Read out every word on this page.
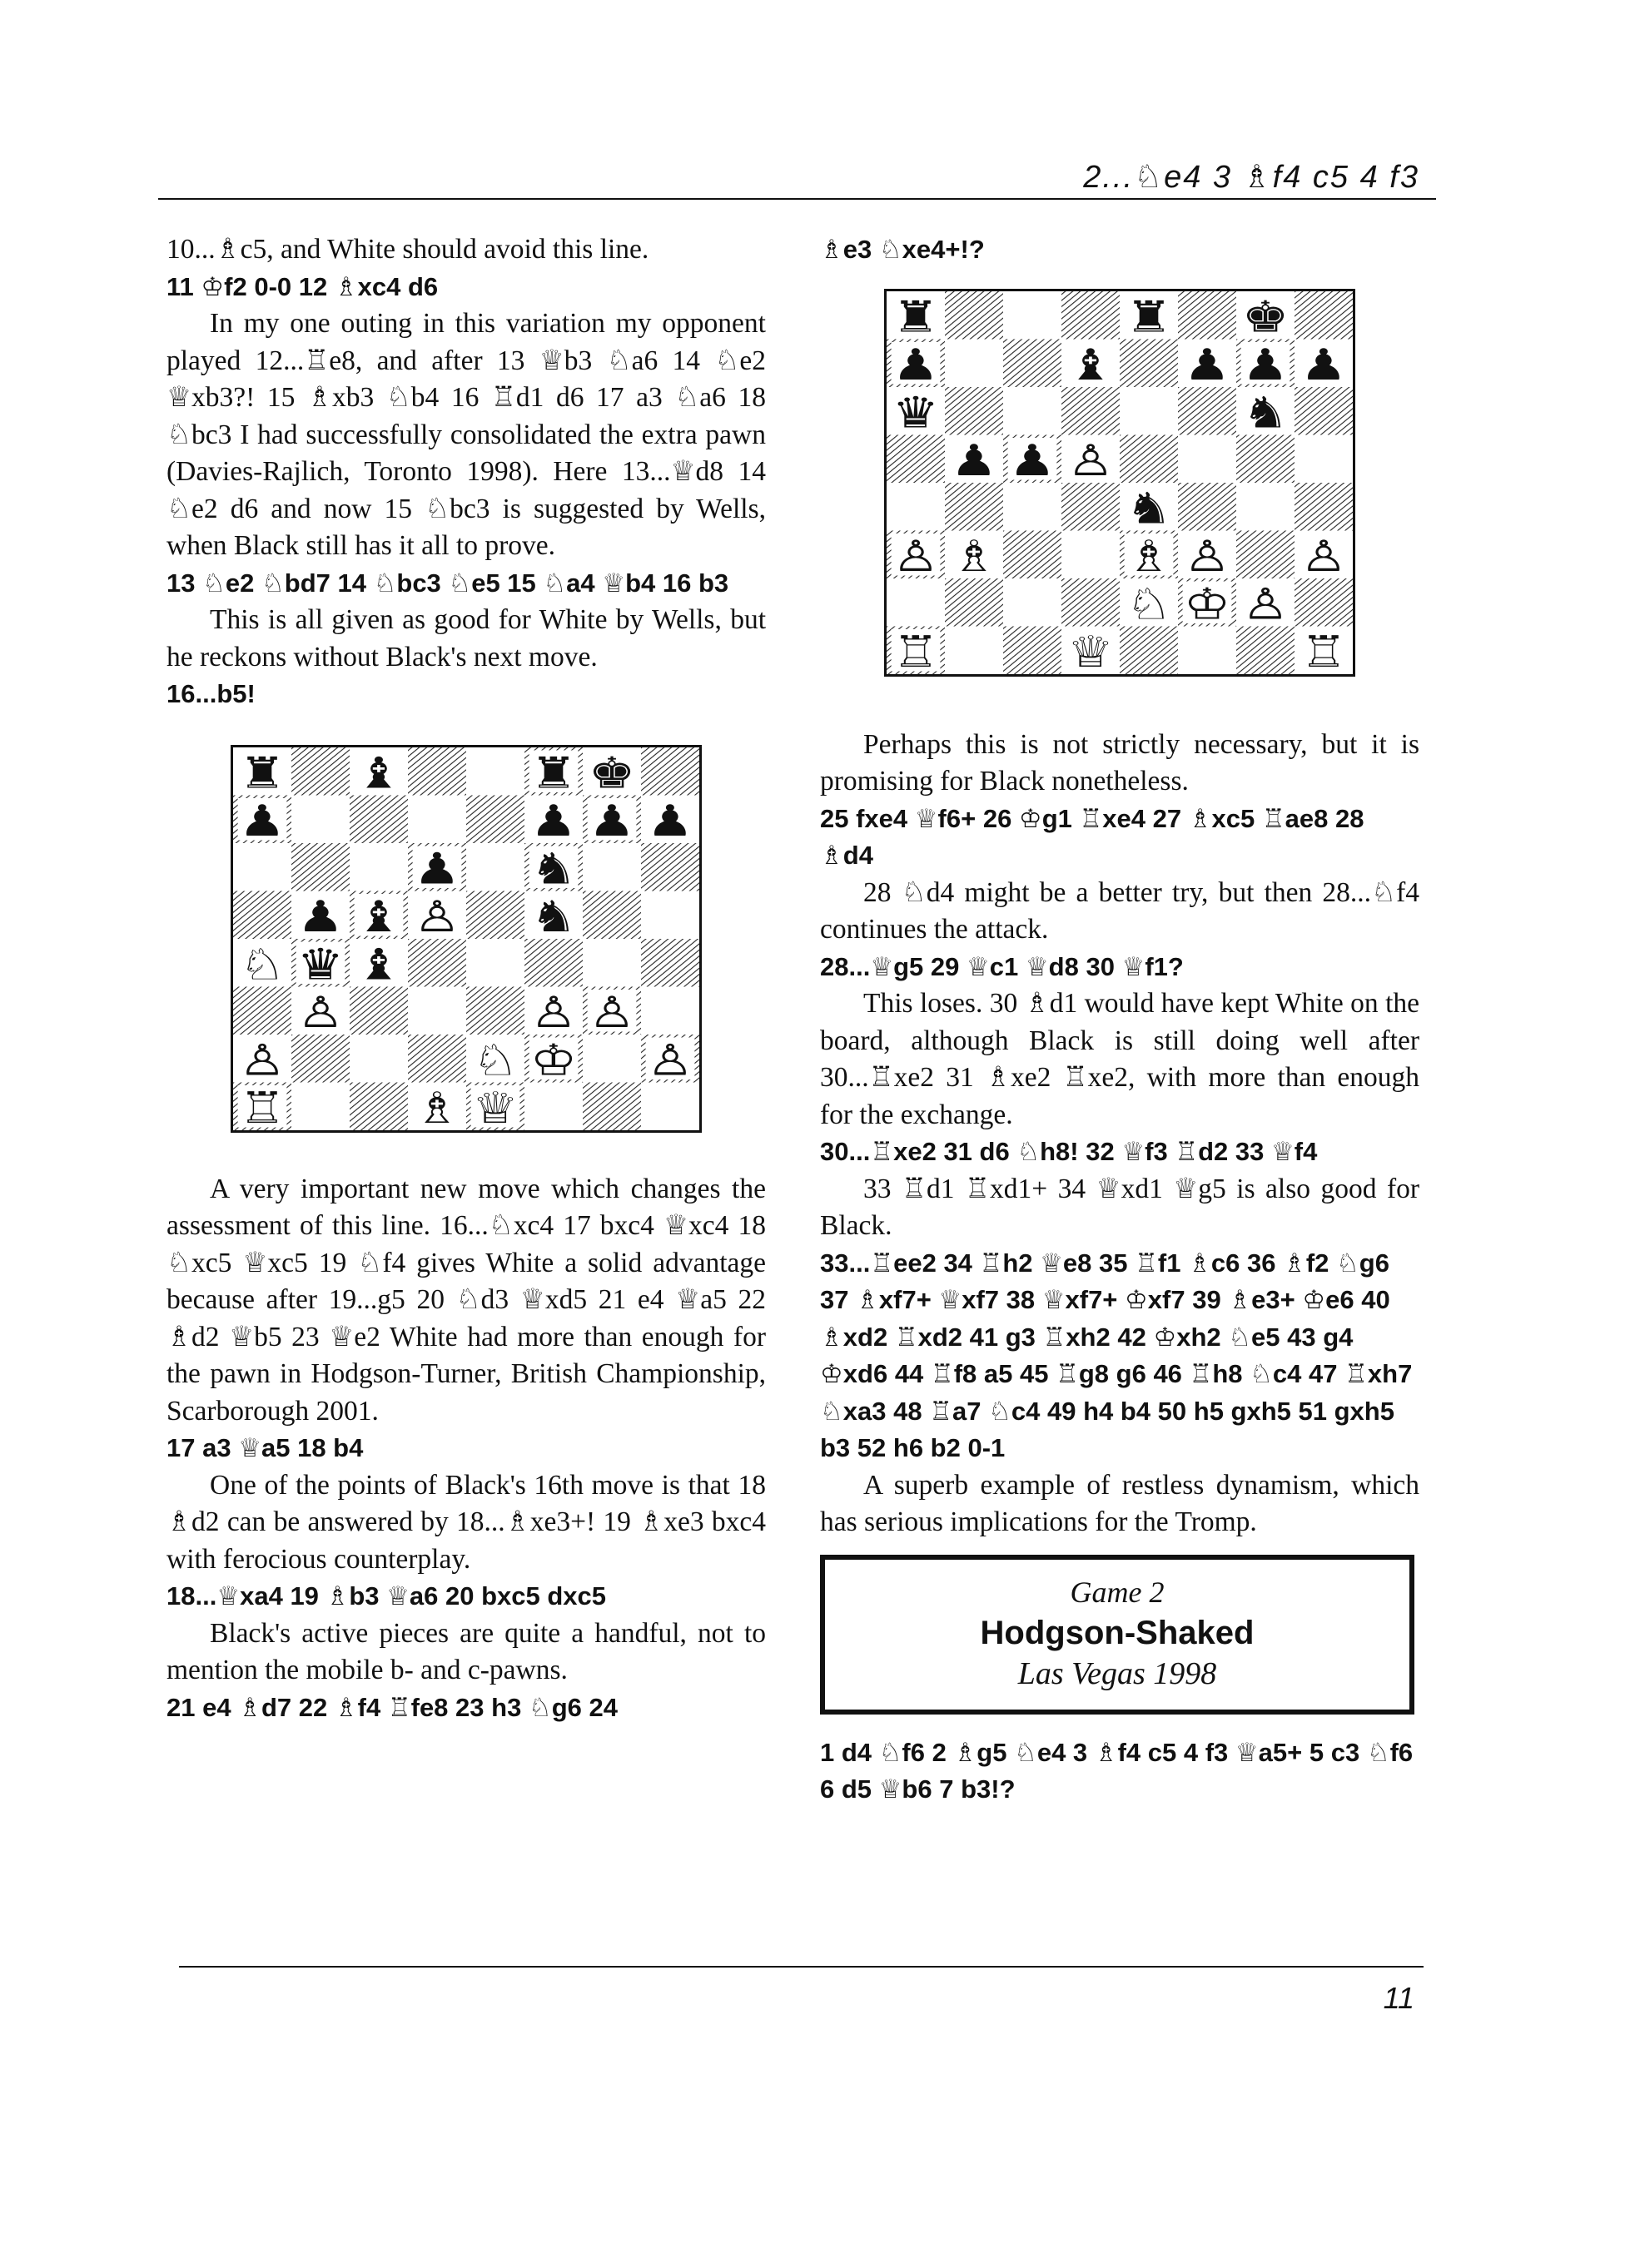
2...♘e4 3 ♗f4 c5 4 f3

10...♗c5, and White should avoid this line.

11 ♔f2 0-0 12 ♗xc4 d6

In my one outing in this variation my opponent played 12...♖e8, and after 13 ♕b3 ♘a6 14 ♘e2 ♕xb3?! 15 ♗xb3 ♘b4 16 ♖d1 d6 17 a3 ♘a6 18 ♘bc3 I had successfully consolidated the extra pawn (Davies-Rajlich, Toronto 1998). Here 13...♕d8 14 ♘e2 d6 and now 15 ♘bc3 is suggested by Wells, when Black still has it all to prove.

13 ♘e2 ♘bd7 14 ♘bc3 ♘e5 15 ♘a4 ♕b4 16 b3

This is all given as good for White by Wells, but he reckons without Black's next move.

16...b5!

A very important new move which changes the assessment of this line. 16...♘xc4 17 bxc4 ♕xc4 18 ♘xc5 ♕xc5 19 ♘f4 gives White a solid advantage because after 19...g5 20 ♘d3 ♕xd5 21 e4 ♕a5 22 ♗d2 ♕b5 23 ♕e2 White had more than enough for the pawn in Hodgson-Turner, British Championship, Scarborough 2001.

17 a3 ♕a5 18 b4

One of the points of Black's 16th move is that 18 ♗d2 can be answered by 18...♗xe3+! 19 ♗xe3 bxc4 with ferocious counterplay.

18...♕xa4 19 ♗b3 ♕a6 20 bxc5 dxc5

Black's active pieces are quite a handful, not to mention the mobile b- and c-pawns.

21 e4 ♗d7 22 ♗f4 ♖fe8 23 h3 ♘g6 24

♗e3 ♘xe4+!?

Perhaps this is not strictly necessary, but it is promising for Black nonetheless.

25 fxe4 ♕f6+ 26 ♔g1 ♖xe4 27 ♗xc5 ♖ae8 28 ♗d4

28 ♘d4 might be a better try, but then 28...♘f4 continues the attack.

28...♕g5 29 ♕c1 ♕d8 30 ♕f1?

This loses. 30 ♗d1 would have kept White on the board, although Black is still doing well after 30...♖xe2 31 ♗xe2 ♖xe2, with more than enough for the exchange.

30...♖xe2 31 d6 ♘h8! 32 ♕f3 ♖d2 33 ♕f4

33 ♖d1 ♖xd1+ 34 ♕xd1 ♕g5 is also good for Black.

33...♖ee2 34 ♖h2 ♕e8 35 ♖f1 ♗c6 36 ♗f2 ♘g6 37 ♗xf7+ ♕xf7 38 ♕xf7+ ♔xf7 39 ♗e3+ ♔e6 40 ♗xd2 ♖xd2 41 g3 ♖xh2 42 ♔xh2 ♘e5 43 g4 ♔xd6 44 ♖f8 a5 45 ♖g8 g6 46 ♖h8 ♘c4 47 ♖xh7 ♘xa3 48 ♖a7 ♘c4 49 h4 b4 50 h5 gxh5 51 gxh5 b3 52 h6 b2 0-1

A superb example of restless dynamism, which has serious implications for the Tromp.

Game 2
Hodgson-Shaked
Las Vegas 1998

1 d4 ♘f6 2 ♗g5 ♘e4 3 ♗f4 c5 4 f3 ♕a5+ 5 c3 ♘f6 6 d5 ♕b6 7 b3!?

11
